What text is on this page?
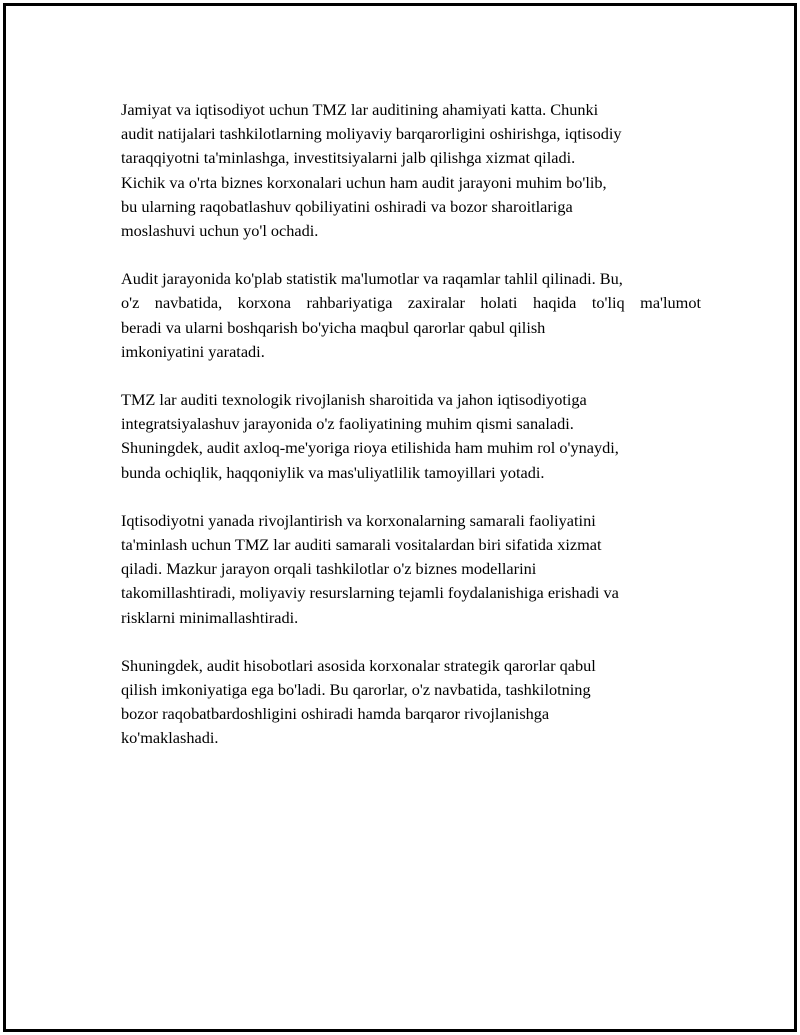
Jamiyat va iqtisodiyot uchun TMZ lar auditining ahamiyati katta. Chunki
audit natijalari tashkilotlarning moliyaviy barqarorligini oshirishga, iqtisodiy
taraqqiyotni ta'minlashga, investitsiyalarni jalb qilishga xizmat qiladi.
Kichik va o'rta biznes korxonalari uchun ham audit jarayoni muhim bo'lib,
bu ularning raqobatlashuv qobiliyatini oshiradi va bozor sharoitlariga
moslashuvi uchun yo'l ochadi.

Audit jarayonida ko'plab statistik ma'lumotlar va raqamlar tahlil qilinadi. Bu,
o'z navbatida, korxona rahbariyatiga zaxiralar holati haqida to'liq ma'lumot
beradi va ularni boshqarish bo'yicha maqbul qarorlar qabul qilish
imkoniyatini yaratadi.

TMZ lar auditi texnologik rivojlanish sharoitida va jahon iqtisodiyotiga
integratsiyalashuv jarayonida o'z faoliyatining muhim qismi sanaladi.
Shuningdek, audit axloq-me'yoriga rioya etilishida ham muhim rol o'ynaydi,
bunda ochiqlik, haqqoniylik va mas'uliyatlilik tamoyillari yotadi.

Iqtisodiyotni yanada rivojlantirish va korxonalarning samarali faoliyatini
ta'minlash uchun TMZ lar auditi samarali vositalardan biri sifatida xizmat
qiladi. Mazkur jarayon orqali tashkilotlar o'z biznes modellarini
takomillashtiradi, moliyaviy resurslarning tejamli foydalanishiga erishadi va
risklarni minimallashtiradi.

Shuningdek, audit hisobotlari asosida korxonalar strategik qarorlar qabul
qilish imkoniyatiga ega bo'ladi. Bu qarorlar, o'z navbatida, tashkilotning
bozor raqobatbardoshligini oshiradi hamda barqaror rivojlanishga
ko'maklashadi.
